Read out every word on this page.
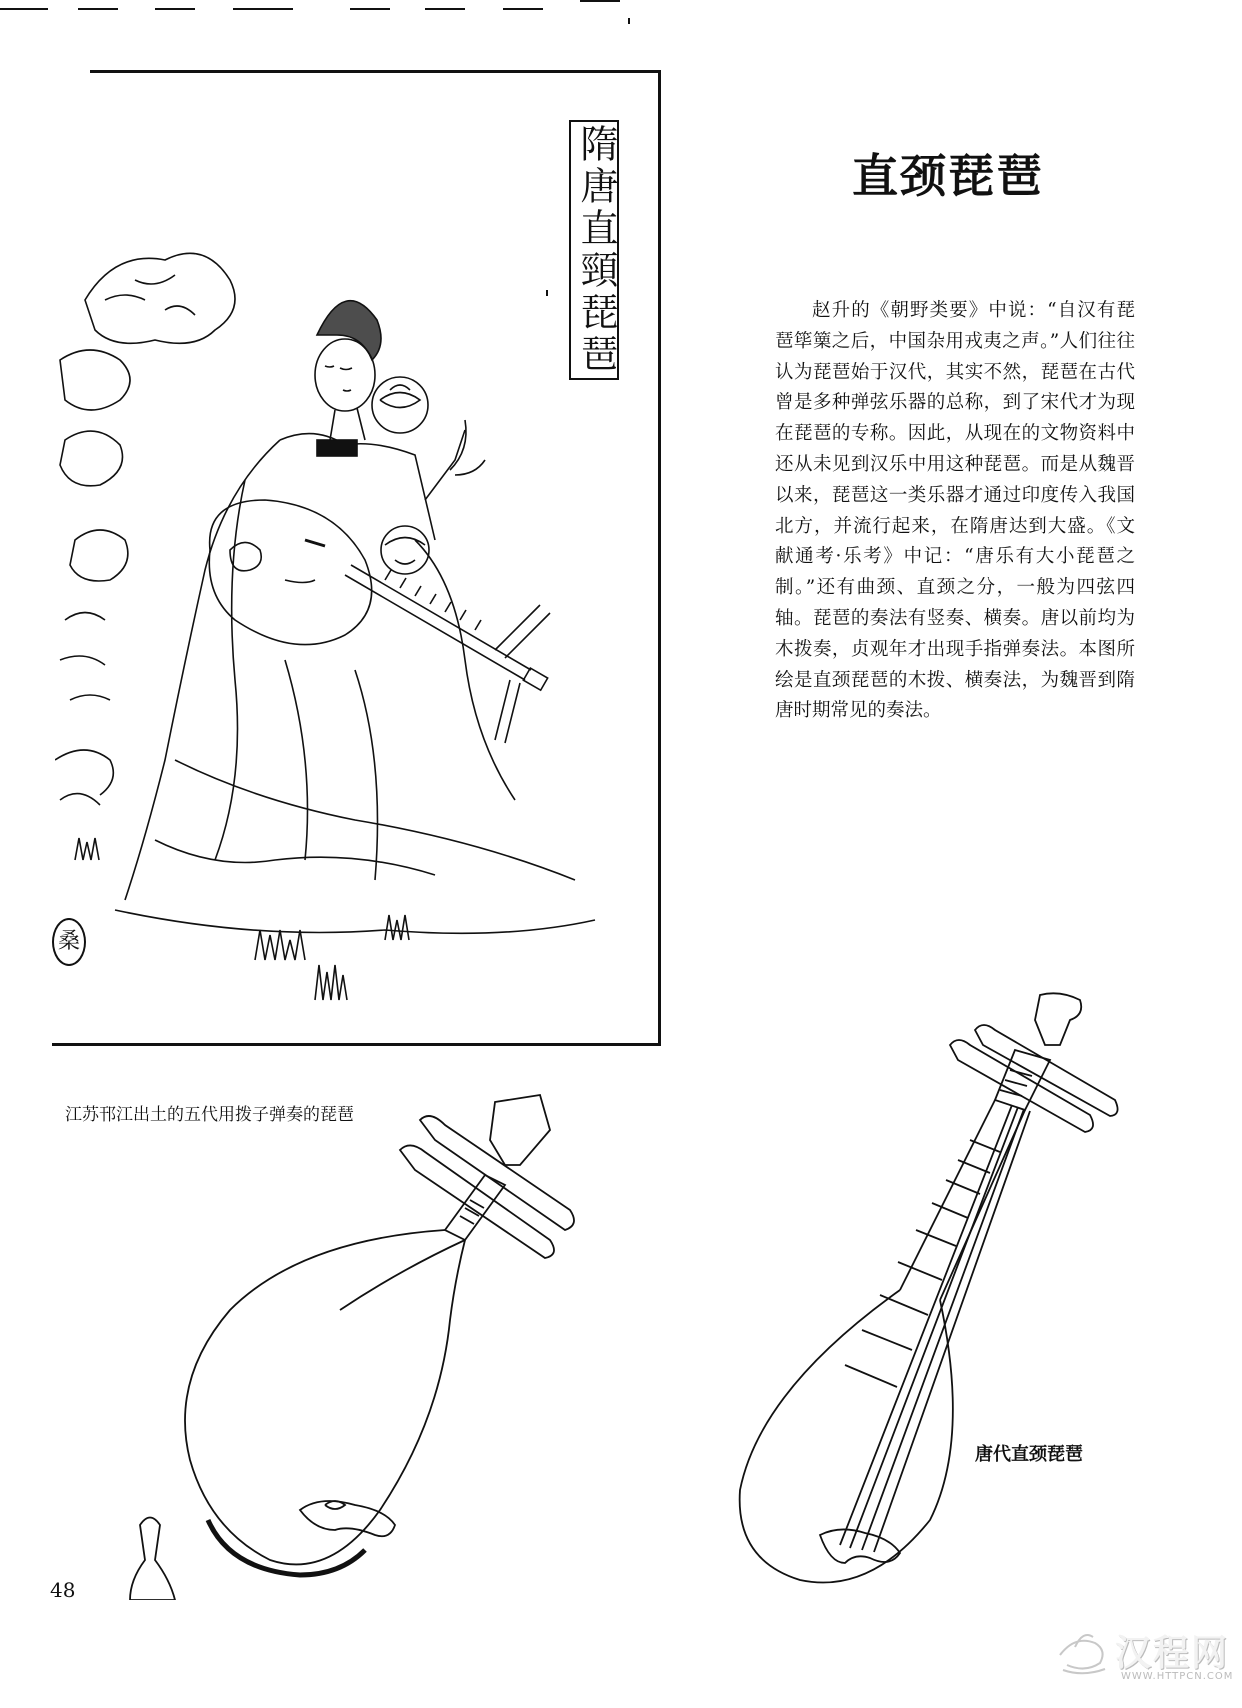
隋唐直頸琵琶
桑
直颈琵琶
赵升的《朝野类要》中说：“自汉有琵琶筚篥之后，中国杂用戎夷之声。”人们往往认为琵琶始于汉代，其实不然，琵琶在古代曾是多种弹弦乐器的总称，到了宋代才为现在琵琶的专称。因此，从现在的文物资料中还从未见到汉乐中用这种琵琶。而是从魏晋以来，琵琶这一类乐器才通过印度传入我国北方，并流行起来，在隋唐达到大盛。《文献通考·乐考》中记：“唐乐有大小琵琶之制。”还有曲颈、直颈之分，一般为四弦四轴。琵琶的奏法有竖奏、横奏。唐以前均为木拨奏，贞观年才出现手指弹奏法。本图所绘是直颈琵琶的木拨、横奏法，为魏晋到隋唐时期常见的奏法。
江苏邗江出土的五代用拨子弹奏的琵琶
唐代直颈琵琶
48
汉程网
WWW.HTTPCN.COM
